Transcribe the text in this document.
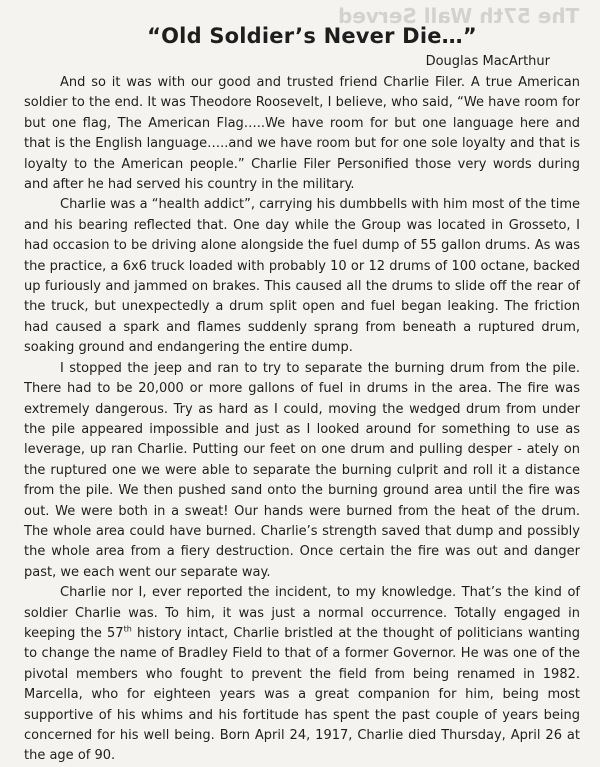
The 57th Wall Served
“Old Soldier’s Never Die…”
Douglas MacArthur

And so it was with our good and trusted friend Charlie Filer. A true American soldier to the end. It was Theodore Roosevelt, I believe, who said, “We have room for but one flag, The American Flag…..We have room for but one language here and that is the English language…..and we have room but for one sole loyalty and that is loyalty to the American people.” Charlie Filer Personified those very words during and after he had served his country in the military.

Charlie was a “health addict”, carrying his dumbbells with him most of the time and his bearing reflected that. One day while the Group was located in Grosseto, I had occasion to be driving alone alongside the fuel dump of 55 gallon drums. As was the practice, a 6x6 truck loaded with probably 10 or 12 drums of 100 octane, backed up furiously and jammed on brakes. This caused all the drums to slide off the rear of the truck, but unexpectedly a drum split open and fuel began leaking. The friction had caused a spark and flames suddenly sprang from beneath a ruptured drum, soaking ground and endangering the entire dump.

I stopped the jeep and ran to try to separate the burning drum from the pile. There had to be 20,000 or more gallons of fuel in drums in the area. The fire was extremely dangerous. Try as hard as I could, moving the wedged drum from under the pile appeared impossible and just as I looked around for something to use as leverage, up ran Charlie. Putting our feet on one drum and pulling desper - ately on the ruptured one we were able to separate the burning culprit and roll it a distance from the pile. We then pushed sand onto the burning ground area until the fire was out. We were both in a sweat! Our hands were burned from the heat of the drum. The whole area could have burned. Charlie’s strength saved that dump and possibly the whole area from a fiery destruction. Once certain the fire was out and danger past, we each went our separate way.

Charlie nor I, ever reported the incident, to my knowledge. That’s the kind of soldier Charlie was. To him, it was just a normal occurrence. Totally engaged in keeping the 57th history intact, Charlie bristled at the thought of politicians wanting to change the name of Bradley Field to that of a former Governor. He was one of the pivotal members who fought to prevent the field from being renamed in 1982. Marcella, who for eighteen years was a great companion for him, being most supportive of his whims and his fortitude has spent the past couple of years being concerned for his well being. Born April 24, 1917, Charlie died Thursday, April 26 at the age of 90.
